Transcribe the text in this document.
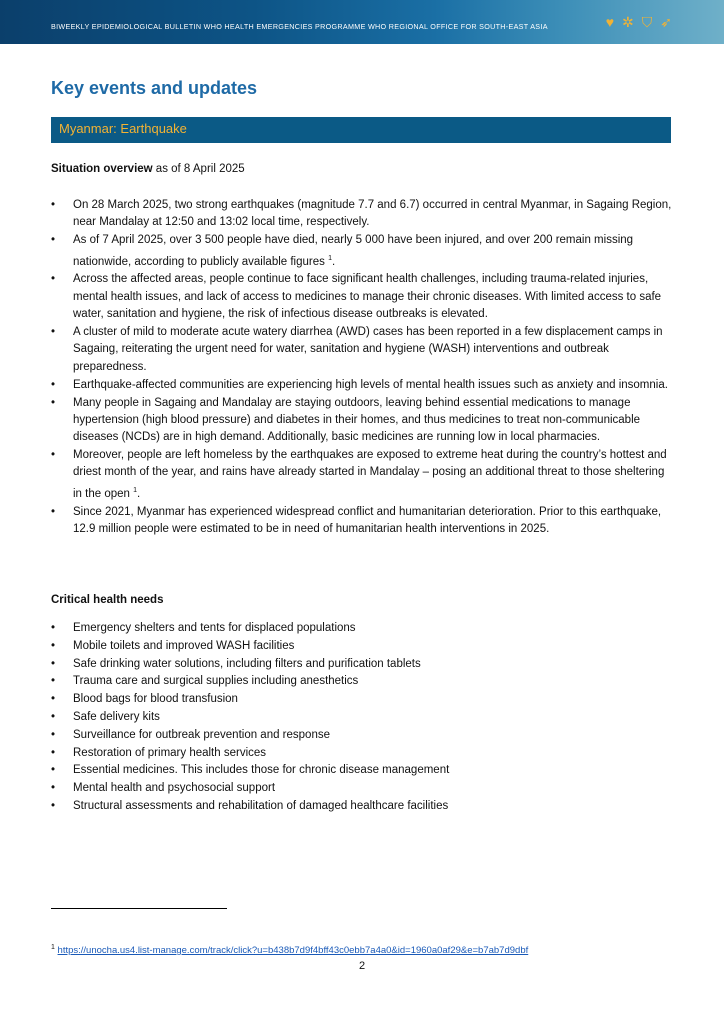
BIWEEKLY EPIDEMIOLOGICAL BULLETIN WHO HEALTH EMERGENCIES PROGRAMME WHO REGIONAL OFFICE FOR SOUTH-EAST ASIA	♥ ✲ ⛉ ➶
Key events and updates
Myanmar: Earthquake
Situation overview as of 8 April 2025
• On 28 March 2025, two strong earthquakes (magnitude 7.7 and 6.7) occurred in central Myanmar, in Sagaing Region, near Mandalay at 12:50 and 13:02 local time, respectively.
• As of 7 April 2025, over 3 500 people have died, nearly 5 000 have been injured, and over 200 remain missing nationwide, according to publicly available figures $^1$.
• Across the affected areas, people continue to face significant health challenges, including trauma-related injuries, mental health issues, and lack of access to medicines to manage their chronic diseases. With limited access to safe water, sanitation and hygiene, the risk of infectious disease outbreaks is elevated.
• A cluster of mild to moderate acute watery diarrhea (AWD) cases has been reported in a few displacement camps in Sagaing, reiterating the urgent need for water, sanitation and hygiene (WASH) interventions and outbreak preparedness.
• Earthquake-affected communities are experiencing high levels of mental health issues such as anxiety and insomnia.
• Many people in Sagaing and Mandalay are staying outdoors, leaving behind essential medications to manage hypertension (high blood pressure) and diabetes in their homes, and thus medicines to treat non-communicable diseases (NCDs) are in high demand. Additionally, basic medicines are running low in local pharmacies.
• Moreover, people are left homeless by the earthquakes are exposed to extreme heat during the country’s hottest and driest month of the year, and rains have already started in Mandalay – posing an additional threat to those sheltering in the open $^1$.
• Since 2021, Myanmar has experienced widespread conflict and humanitarian deterioration. Prior to this earthquake, 12.9 million people were estimated to be in need of humanitarian health interventions in 2025.
Critical health needs
• Emergency shelters and tents for displaced populations
• Mobile toilets and improved WASH facilities
• Safe drinking water solutions, including filters and purification tablets
• Trauma care and surgical supplies including anesthetics
• Blood bags for blood transfusion
• Safe delivery kits
• Surveillance for outbreak prevention and response
• Restoration of primary health services
• Essential medicines. This includes those for chronic disease management
• Mental health and psychosocial support
• Structural assessments and rehabilitation of damaged healthcare facilities
$^1$ https://unocha.us4.list-manage.com/track/click?u=b438b7d9f4bff43c0ebb7a4a0&id=1960a0af29&e=b7ab7d9dbf
2
